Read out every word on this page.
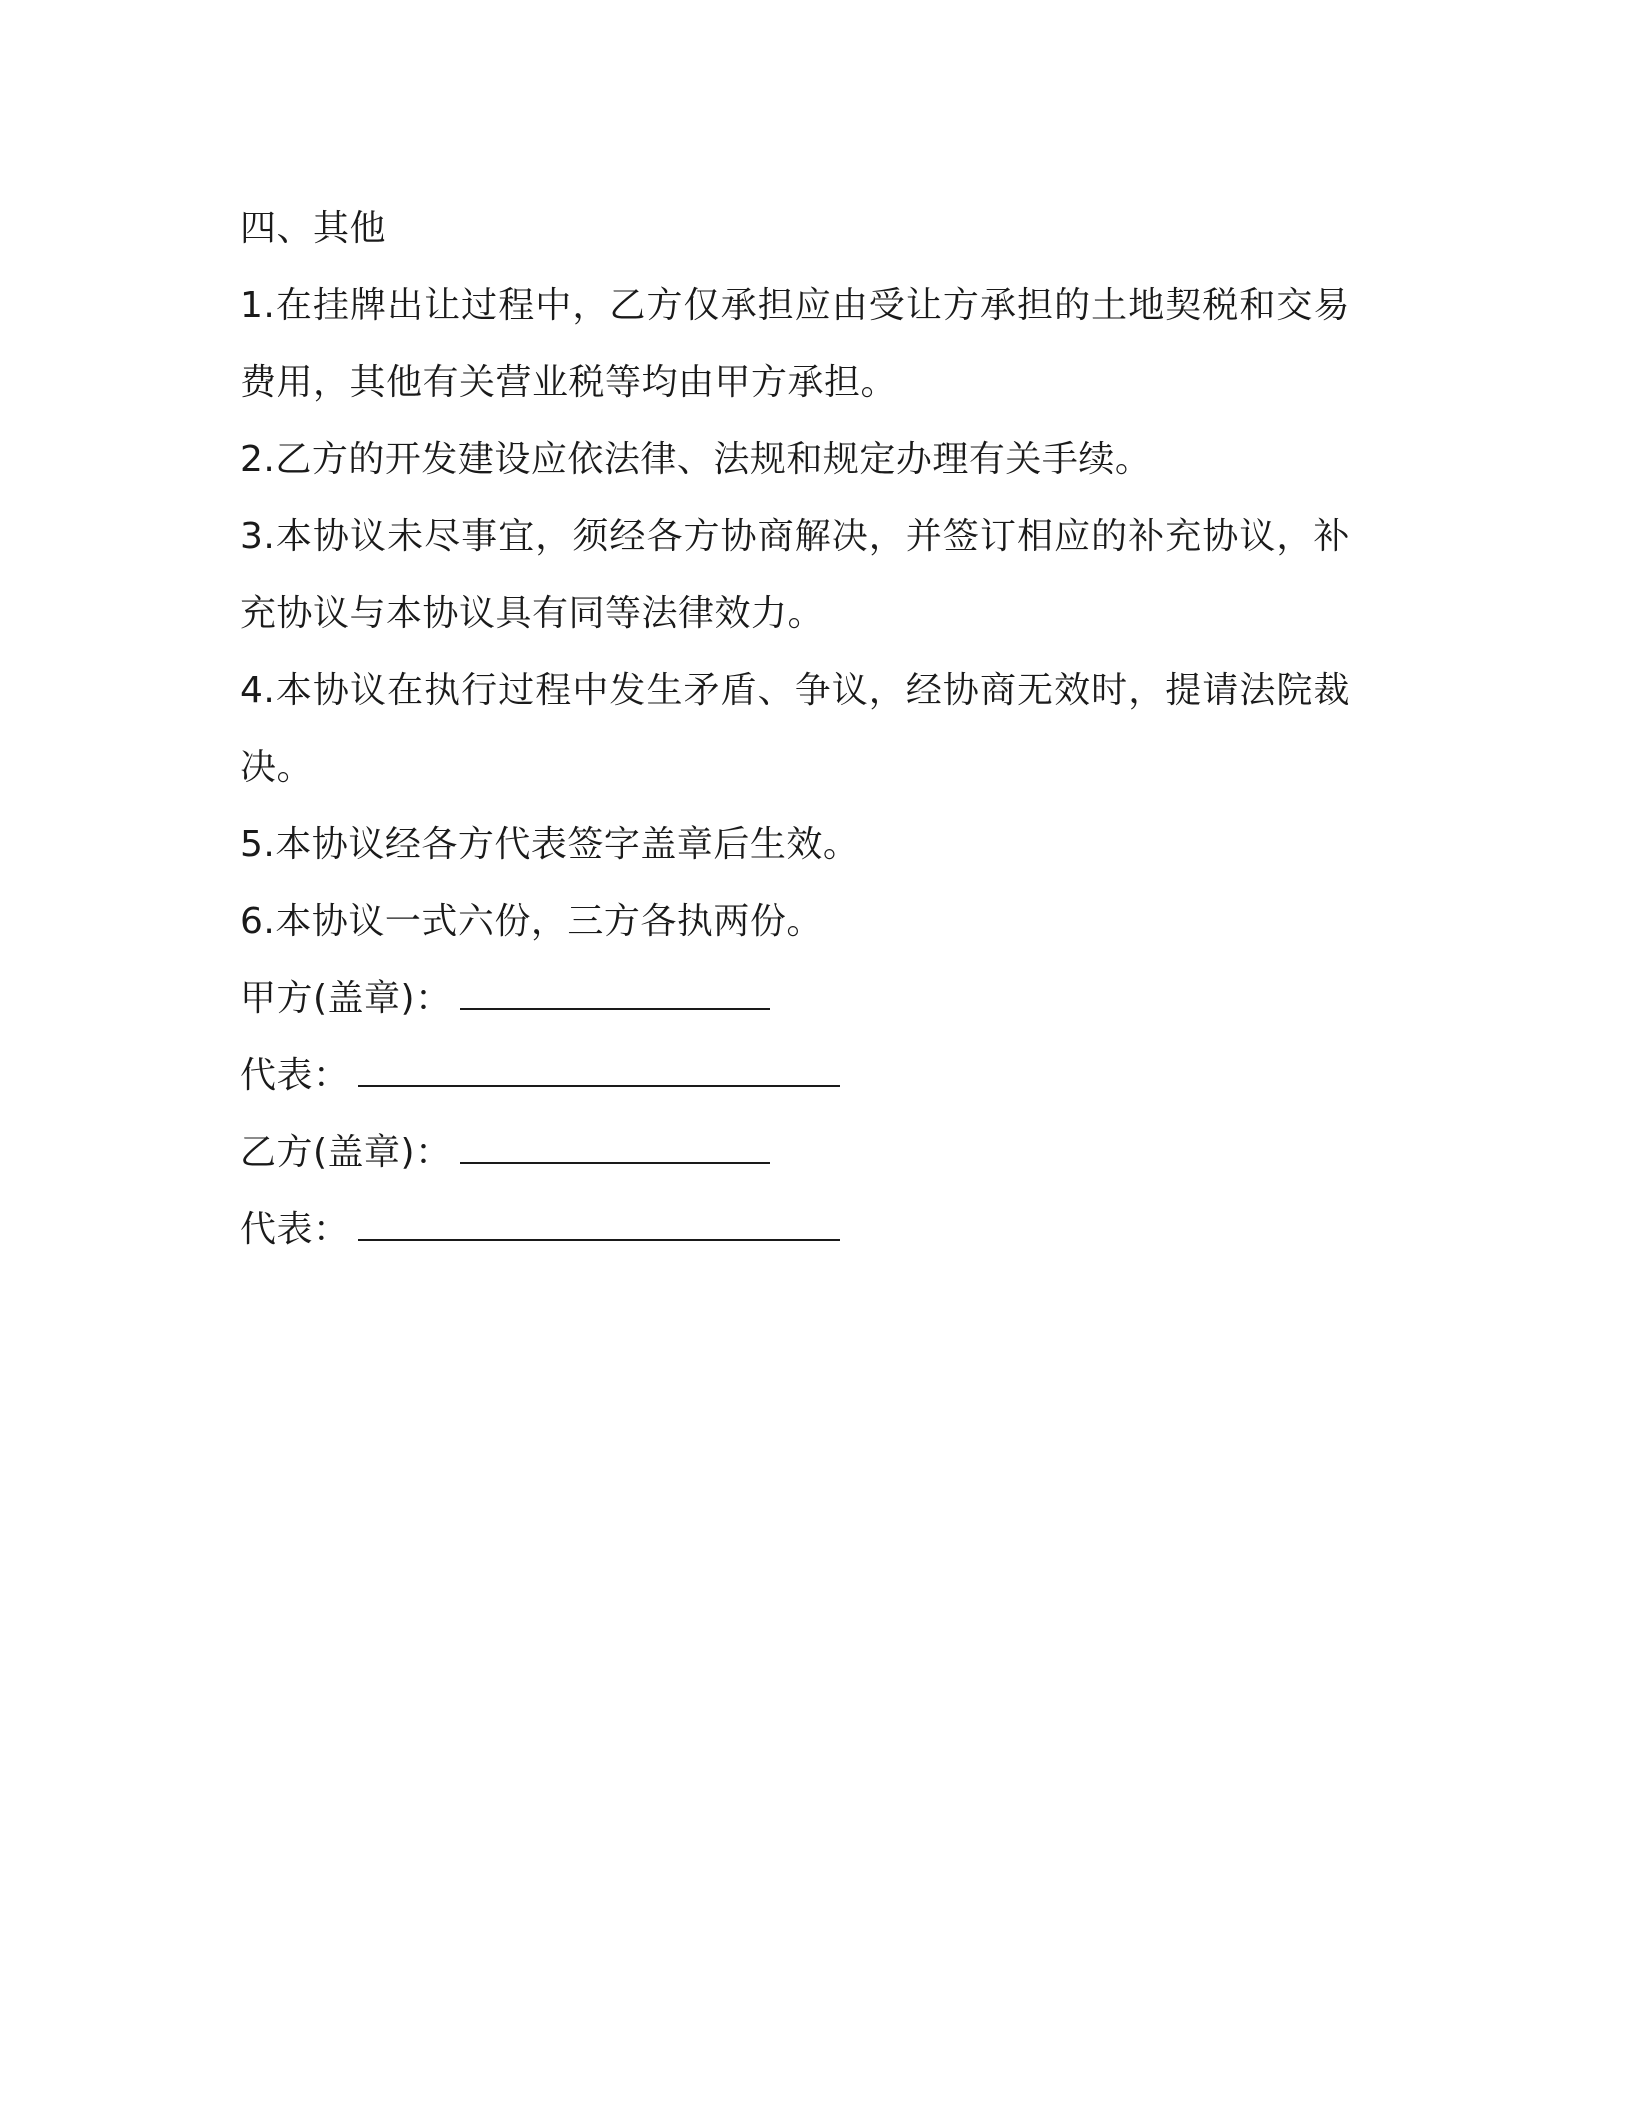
四、其他

1.在挂牌出让过程中，乙方仅承担应由受让方承担的土地契税和交易费用，其他有关营业税等均由甲方承担。

2.乙方的开发建设应依法律、法规和规定办理有关手续。

3.本协议未尽事宜，须经各方协商解决，并签订相应的补充协议，补充协议与本协议具有同等法律效力。

4.本协议在执行过程中发生矛盾、争议，经协商无效时，提请法院裁决。

5.本协议经各方代表签字盖章后生效。

6.本协议一式六份，三方各执两份。

甲方(盖章)：

代表：

乙方(盖章)：

代表：
